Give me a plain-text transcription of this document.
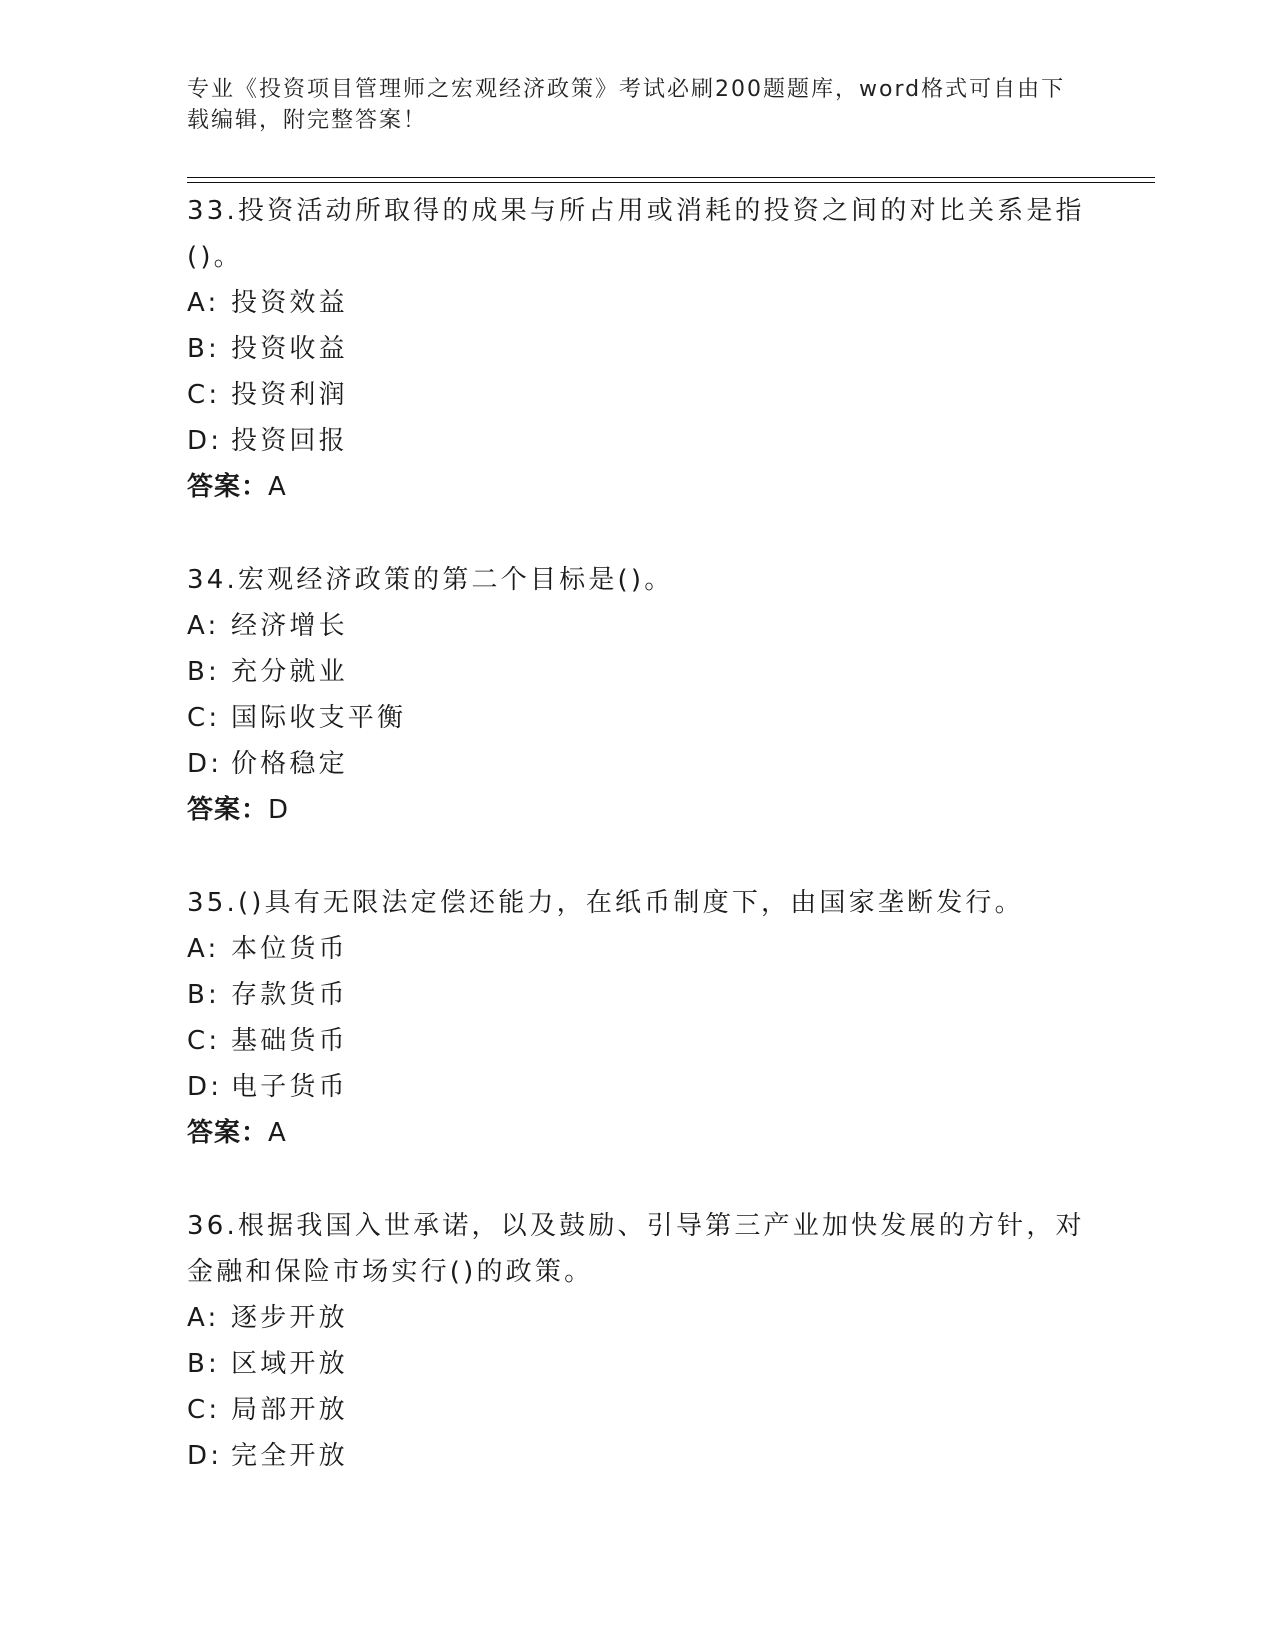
专业《投资项目管理师之宏观经济政策》考试必刷200题题库，word格式可自由下载编辑，附完整答案！

33.投资活动所取得的成果与所占用或消耗的投资之间的对比关系是指()。

A: 投资效益

B: 投资收益

C: 投资利润

D: 投资回报

答案：A

34.宏观经济政策的第二个目标是()。

A: 经济增长

B: 充分就业

C: 国际收支平衡

D: 价格稳定

答案：D

35.()具有无限法定偿还能力，在纸币制度下，由国家垄断发行。

A: 本位货币

B: 存款货币

C: 基础货币

D: 电子货币

答案：A

36.根据我国入世承诺，以及鼓励、引导第三产业加快发展的方针，对金融和保险市场实行()的政策。

A: 逐步开放

B: 区域开放

C: 局部开放

D: 完全开放
